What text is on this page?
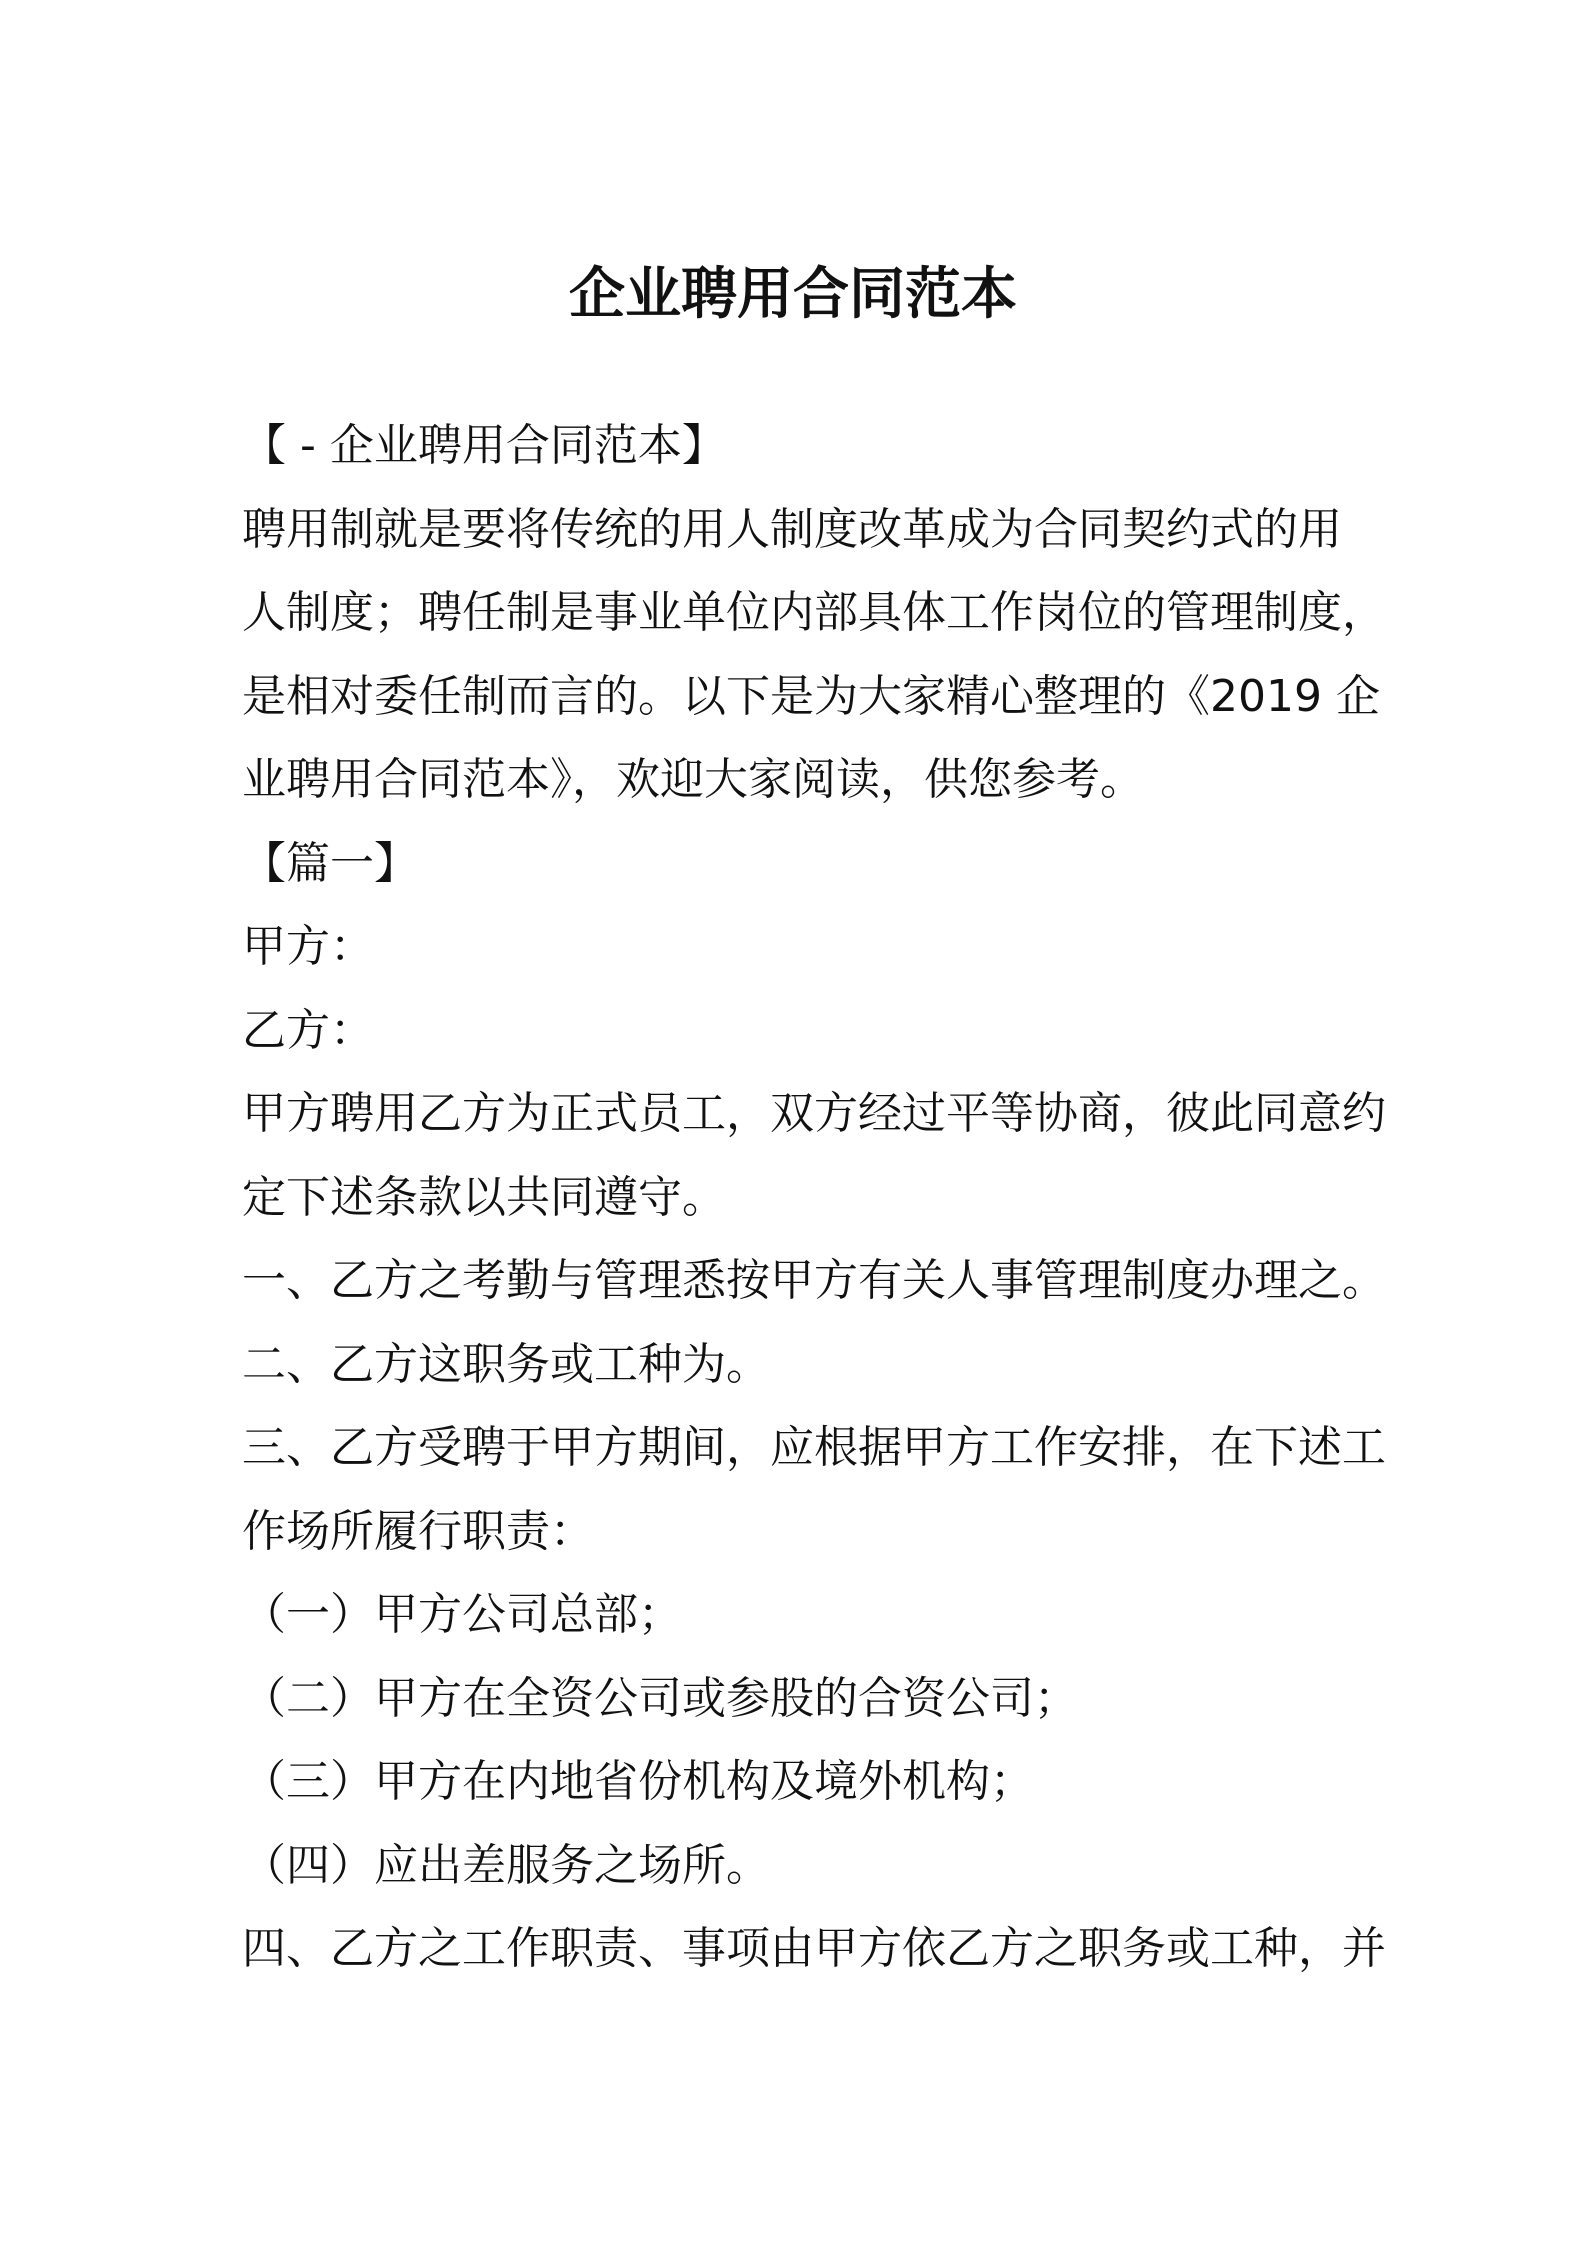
企业聘用合同范本
【 - 企业聘用合同范本】
聘用制就是要将传统的用人制度改革成为合同契约式的用
人制度；聘任制是事业单位内部具体工作岗位的管理制度，
是相对委任制而言的。以下是为大家精心整理的《2019 企
业聘用合同范本》，欢迎大家阅读，供您参考。
【篇一】
甲方：
乙方：
甲方聘用乙方为正式员工，双方经过平等协商，彼此同意约
定下述条款以共同遵守。
一、乙方之考勤与管理悉按甲方有关人事管理制度办理之。
二、乙方这职务或工种为。
三、乙方受聘于甲方期间，应根据甲方工作安排，在下述工
作场所履行职责：
（一）甲方公司总部；
（二）甲方在全资公司或参股的合资公司；
（三）甲方在内地省份机构及境外机构；
（四）应出差服务之场所。
四、乙方之工作职责、事项由甲方依乙方之职务或工种，并
